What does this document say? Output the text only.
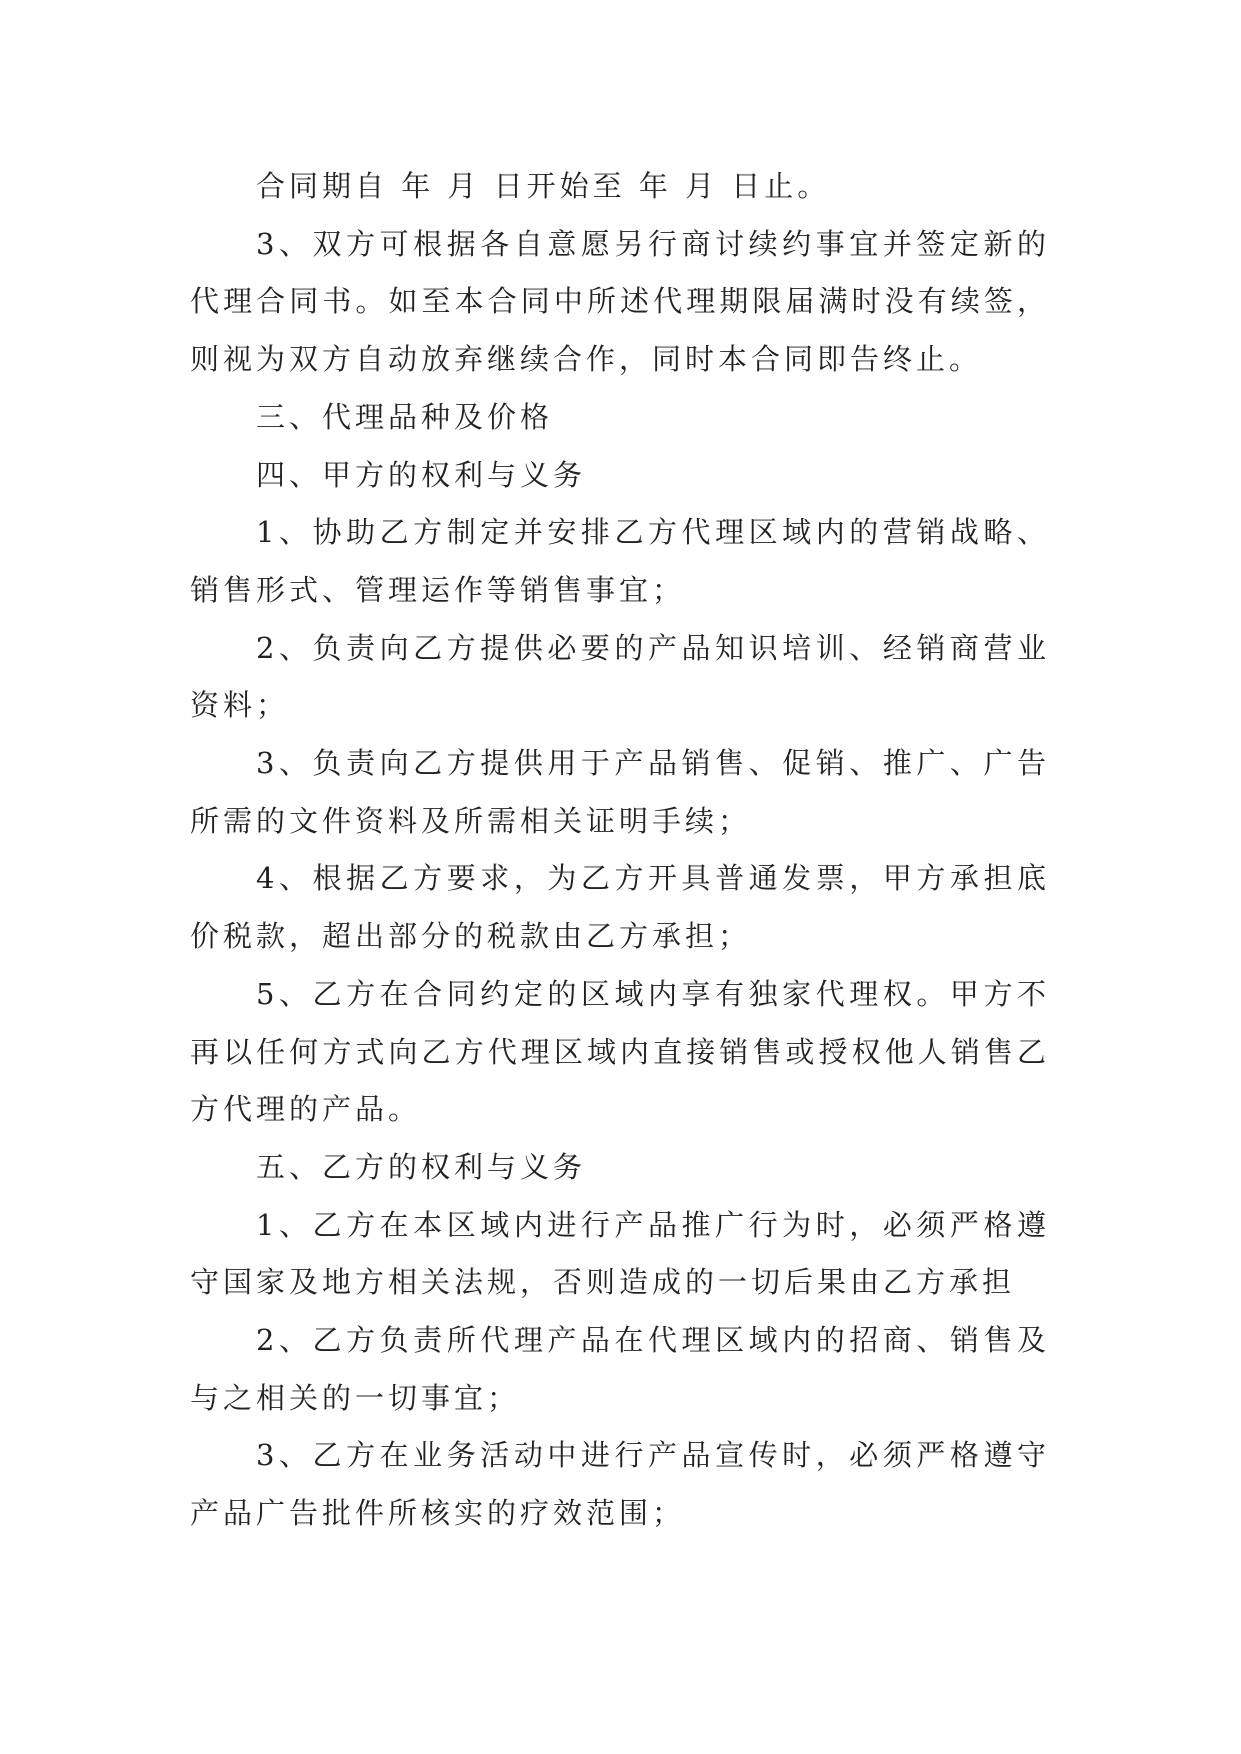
合同期自 年 月 日开始至 年 月 日止。

3、双方可根据各自意愿另行商讨续约事宜并签定新的代理合同书。如至本合同中所述代理期限届满时没有续签，则视为双方自动放弃继续合作，同时本合同即告终止。

三、代理品种及价格

四、甲方的权利与义务

1、协助乙方制定并安排乙方代理区域内的营销战略、销售形式、管理运作等销售事宜；

2、负责向乙方提供必要的产品知识培训、经销商营业资料；

3、负责向乙方提供用于产品销售、促销、推广、广告所需的文件资料及所需相关证明手续；

4、根据乙方要求，为乙方开具普通发票，甲方承担底价税款，超出部分的税款由乙方承担；

5、乙方在合同约定的区域内享有独家代理权。甲方不再以任何方式向乙方代理区域内直接销售或授权他人销售乙方代理的产品。

五、乙方的权利与义务

1、乙方在本区域内进行产品推广行为时，必须严格遵守国家及地方相关法规，否则造成的一切后果由乙方承担

2、乙方负责所代理产品在代理区域内的招商、销售及与之相关的一切事宜；

3、乙方在业务活动中进行产品宣传时，必须严格遵守产品广告批件所核实的疗效范围；
